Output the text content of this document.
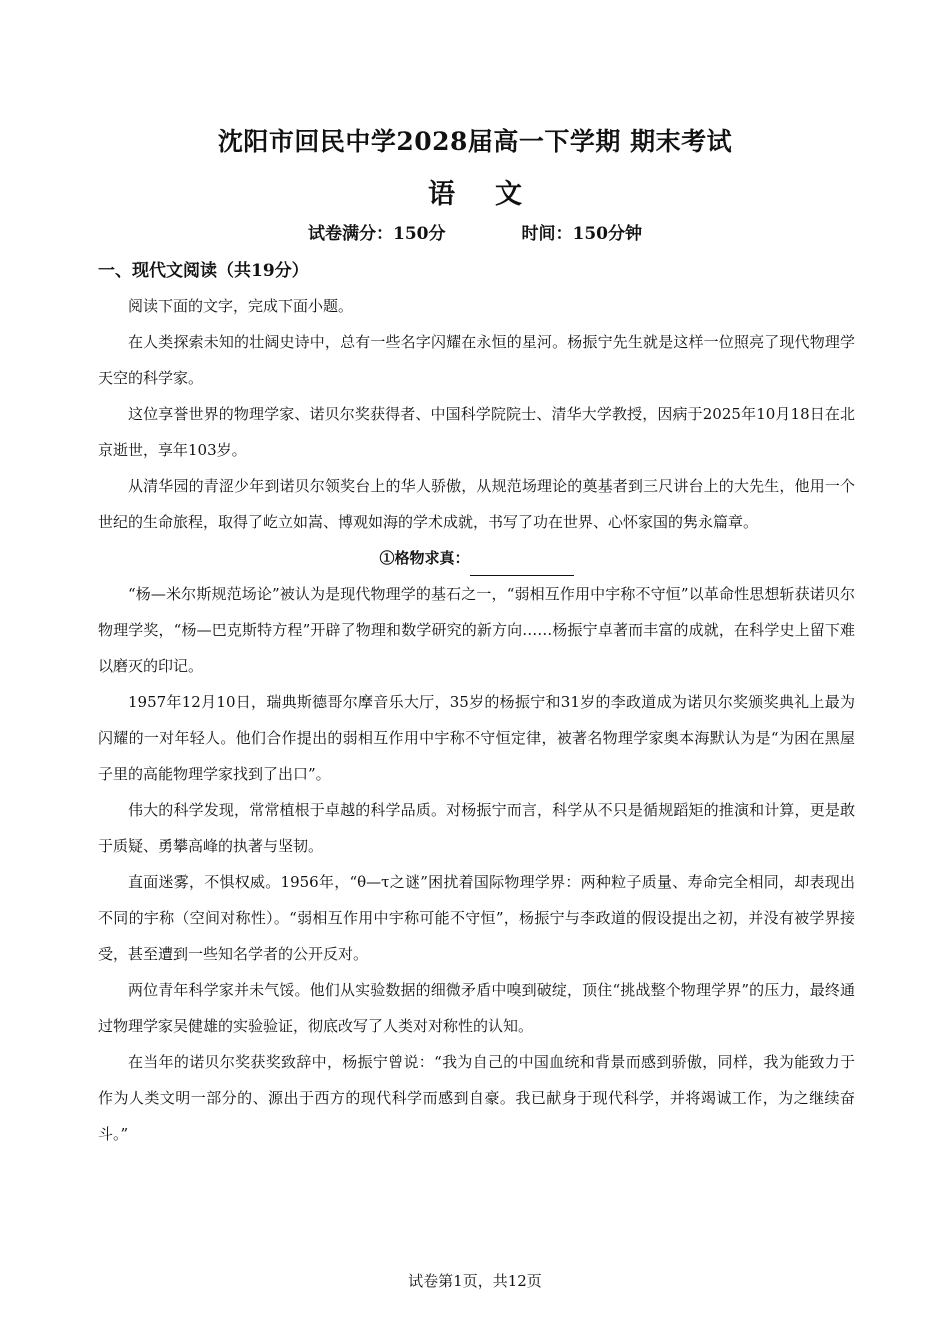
沈阳市回民中学2028届高一下学期 期末考试
语文
试卷满分：150分	时间：150分钟
一、现代文阅读（共19分）

阅读下面的文字，完成下面小题。

在人类探索未知的壮阔史诗中，总有一些名字闪耀在永恒的星河。杨振宁先生就是这样一位照亮了现代物理学天空的科学家。

这位享誉世界的物理学家、诺贝尔奖获得者、中国科学院院士、清华大学教授，因病于2025年10月18日在北京逝世，享年103岁。

从清华园的青涩少年到诺贝尔领奖台上的华人骄傲，从规范场理论的奠基者到三尺讲台上的大先生，他用一个世纪的生命旅程，取得了屹立如嵩、博观如海的学术成就，书写了功在世界、心怀家国的隽永篇章。

①格物求真：

“杨—米尔斯规范场论”被认为是现代物理学的基石之一，“弱相互作用中宇称不守恒”以革命性思想斩获诺贝尔物理学奖，“杨—巴克斯特方程”开辟了物理和数学研究的新方向……杨振宁卓著而丰富的成就，在科学史上留下难以磨灭的印记。

1957年12月10日，瑞典斯德哥尔摩音乐大厅，35岁的杨振宁和31岁的李政道成为诺贝尔奖颁奖典礼上最为闪耀的一对年轻人。他们合作提出的弱相互作用中宇称不守恒定律，被著名物理学家奥本海默认为是“为困在黑屋子里的高能物理学家找到了出口”。

伟大的科学发现，常常植根于卓越的科学品质。对杨振宁而言，科学从不只是循规蹈矩的推演和计算，更是敢于质疑、勇攀高峰的执著与坚韧。

直面迷雾，不惧权威。1956年，“θ—τ之谜”困扰着国际物理学界：两种粒子质量、寿命完全相同，却表现出不同的宇称（空间对称性）。“弱相互作用中宇称可能不守恒”，杨振宁与李政道的假设提出之初，并没有被学界接受，甚至遭到一些知名学者的公开反对。

两位青年科学家并未气馁。他们从实验数据的细微矛盾中嗅到破绽，顶住“挑战整个物理学界”的压力，最终通过物理学家吴健雄的实验验证，彻底改写了人类对对称性的认知。

在当年的诺贝尔奖获奖致辞中，杨振宁曾说：“我为自己的中国血统和背景而感到骄傲，同样，我为能致力于作为人类文明一部分的、源出于西方的现代科学而感到自豪。我已献身于现代科学，并将竭诚工作，为之继续奋斗。”

试卷第1页，共12页
